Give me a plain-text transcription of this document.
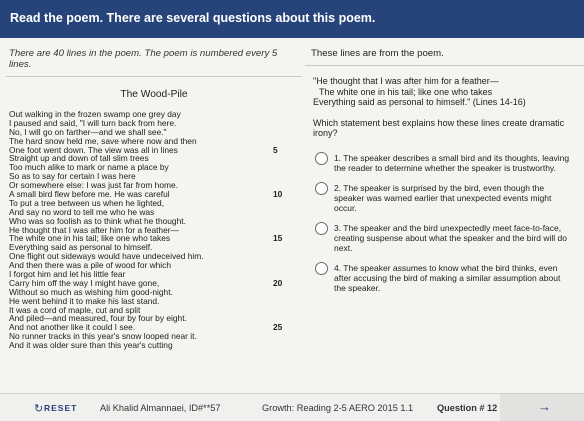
Read the poem. There are several questions about this poem.
There are 40 lines in the poem. The poem is numbered every 5 lines.
The Wood-Pile
Out walking in the frozen swamp one grey day
I paused and said, "I will turn back from here.
No, I will go on farther—and we shall see."
The hard snow held me, save where now and then
One foot went down. The view was all in lines	5
Straight up and down of tall slim trees
Too much alike to mark or name a place by
So as to say for certain I was here
Or somewhere else: I was just far from home.
A small bird flew before me. He was careful	10
To put a tree between us when he lighted,
And say no word to tell me who he was
Who was so foolish as to think what he thought.
He thought that I was after him for a feather—
The white one in his tail; like one who takes	15
Everything said as personal to himself.
One flight out sideways would have undeceived him.
And then there was a pile of wood for which
I forgot him and let his little fear
Carry him off the way I might have gone,	20
Without so much as wishing him good-night.
He went behind it to make his last stand.
It was a cord of maple, cut and split
And piled—and measured, four by four by eight.
And not another like it could I see.	25
No runner tracks in this year's snow looped near it.
And it was older sure than this year's cutting
These lines are from the poem.
"He thought that I was after him for a feather—
The white one in his tail; like one who takes
Everything said as personal to himself." (Lines 14-16)
Which statement best explains how these lines create dramatic irony?
1. The speaker describes a small bird and its thoughts, leaving the reader to determine whether the speaker is trustworthy.
2. The speaker is surprised by the bird, even though the speaker was warned earlier that unexpected events might occur.
3. The speaker and the bird unexpectedly meet face-to-face, creating suspense about what the speaker and the bird will do next.
4. The speaker assumes to know what the bird thinks, even after accusing the bird of making a similar assumption about the speaker.
↻ RESET Ali Khalid Almannaei, ID#**57	Growth: Reading 2-5 AERO 2015 1.1	Question # 12	→
